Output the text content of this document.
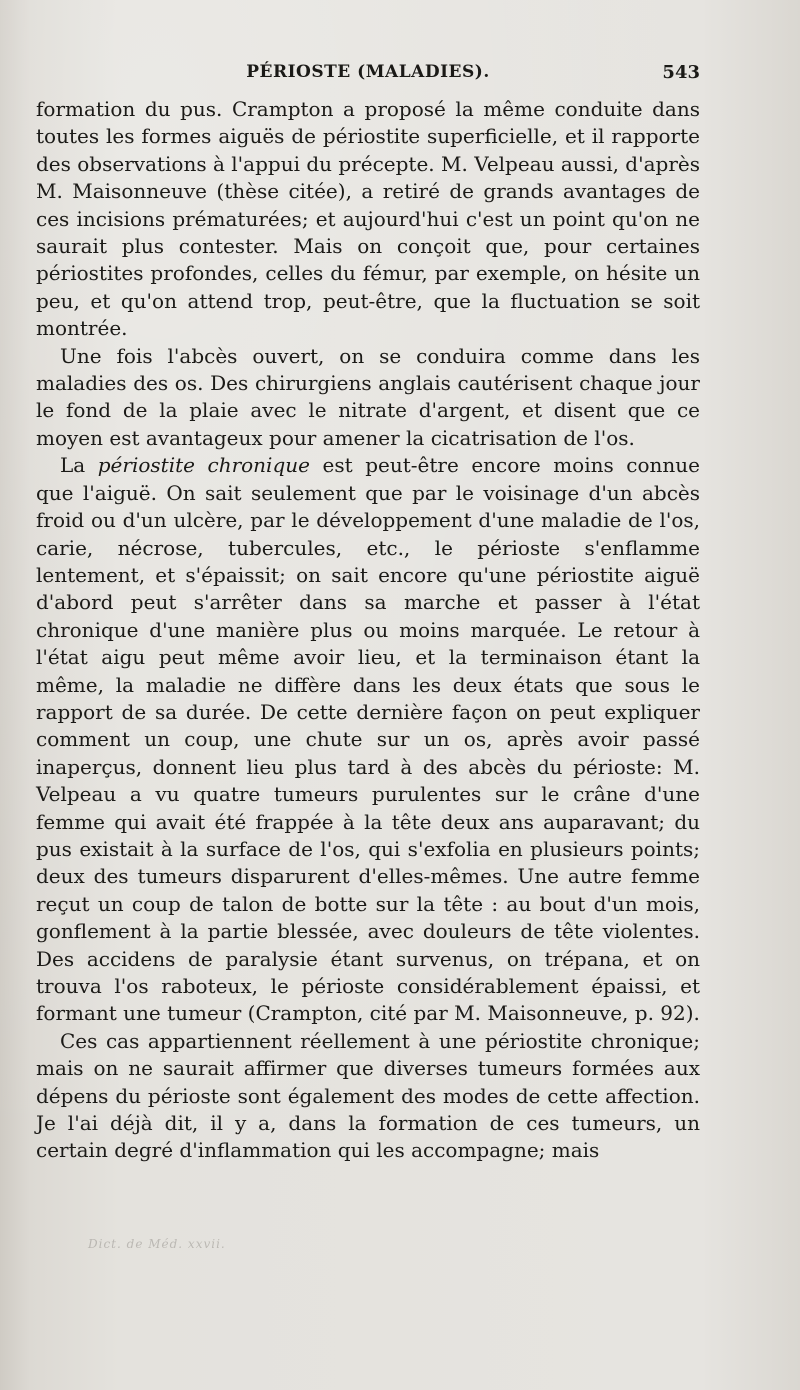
PÉRIOSTE (MALADIES).	543

formation du pus. Crampton a proposé la même conduite dans toutes les formes aiguës de périostite superficielle, et il rapporte des observations à l'appui du précepte. M. Velpeau aussi, d'après M. Maisonneuve (thèse citée), a retiré de grands avantages de ces incisions prématurées; et aujourd'hui c'est un point qu'on ne saurait plus contester. Mais on conçoit que, pour certaines périostites profondes, celles du fémur, par exemple, on hésite un peu, et qu'on attend trop, peut-être, que la fluctuation se soit montrée.

Une fois l'abcès ouvert, on se conduira comme dans les maladies des os. Des chirurgiens anglais cautérisent chaque jour le fond de la plaie avec le nitrate d'argent, et disent que ce moyen est avantageux pour amener la cicatrisation de l'os.

La périostite chronique est peut-être encore moins connue que l'aiguë. On sait seulement que par le voisinage d'un abcès froid ou d'un ulcère, par le développement d'une maladie de l'os, carie, nécrose, tubercules, etc., le périoste s'enflamme lentement, et s'épaissit; on sait encore qu'une périostite aiguë d'abord peut s'arrêter dans sa marche et passer à l'état chronique d'une manière plus ou moins marquée. Le retour à l'état aigu peut même avoir lieu, et la terminaison étant la même, la maladie ne diffère dans les deux états que sous le rapport de sa durée. De cette dernière façon on peut expliquer comment un coup, une chute sur un os, après avoir passé inaperçus, donnent lieu plus tard à des abcès du périoste: M. Velpeau a vu quatre tumeurs purulentes sur le crâne d'une femme qui avait été frappée à la tête deux ans auparavant; du pus existait à la surface de l'os, qui s'exfolia en plusieurs points; deux des tumeurs disparurent d'elles-mêmes. Une autre femme reçut un coup de talon de botte sur la tête : au bout d'un mois, gonflement à la partie blessée, avec douleurs de tête violentes. Des accidens de paralysie étant survenus, on trépana, et on trouva l'os raboteux, le périoste considérablement épaissi, et formant une tumeur (Crampton, cité par M. Maisonneuve, p. 92).

Ces cas appartiennent réellement à une périostite chronique; mais on ne saurait affirmer que diverses tumeurs formées aux dépens du périoste sont également des modes de cette affection. Je l'ai déjà dit, il y a, dans la formation de ces tumeurs, un certain degré d'inflammation qui les accompagne; mais

Dict. de Méd. xxvii.
